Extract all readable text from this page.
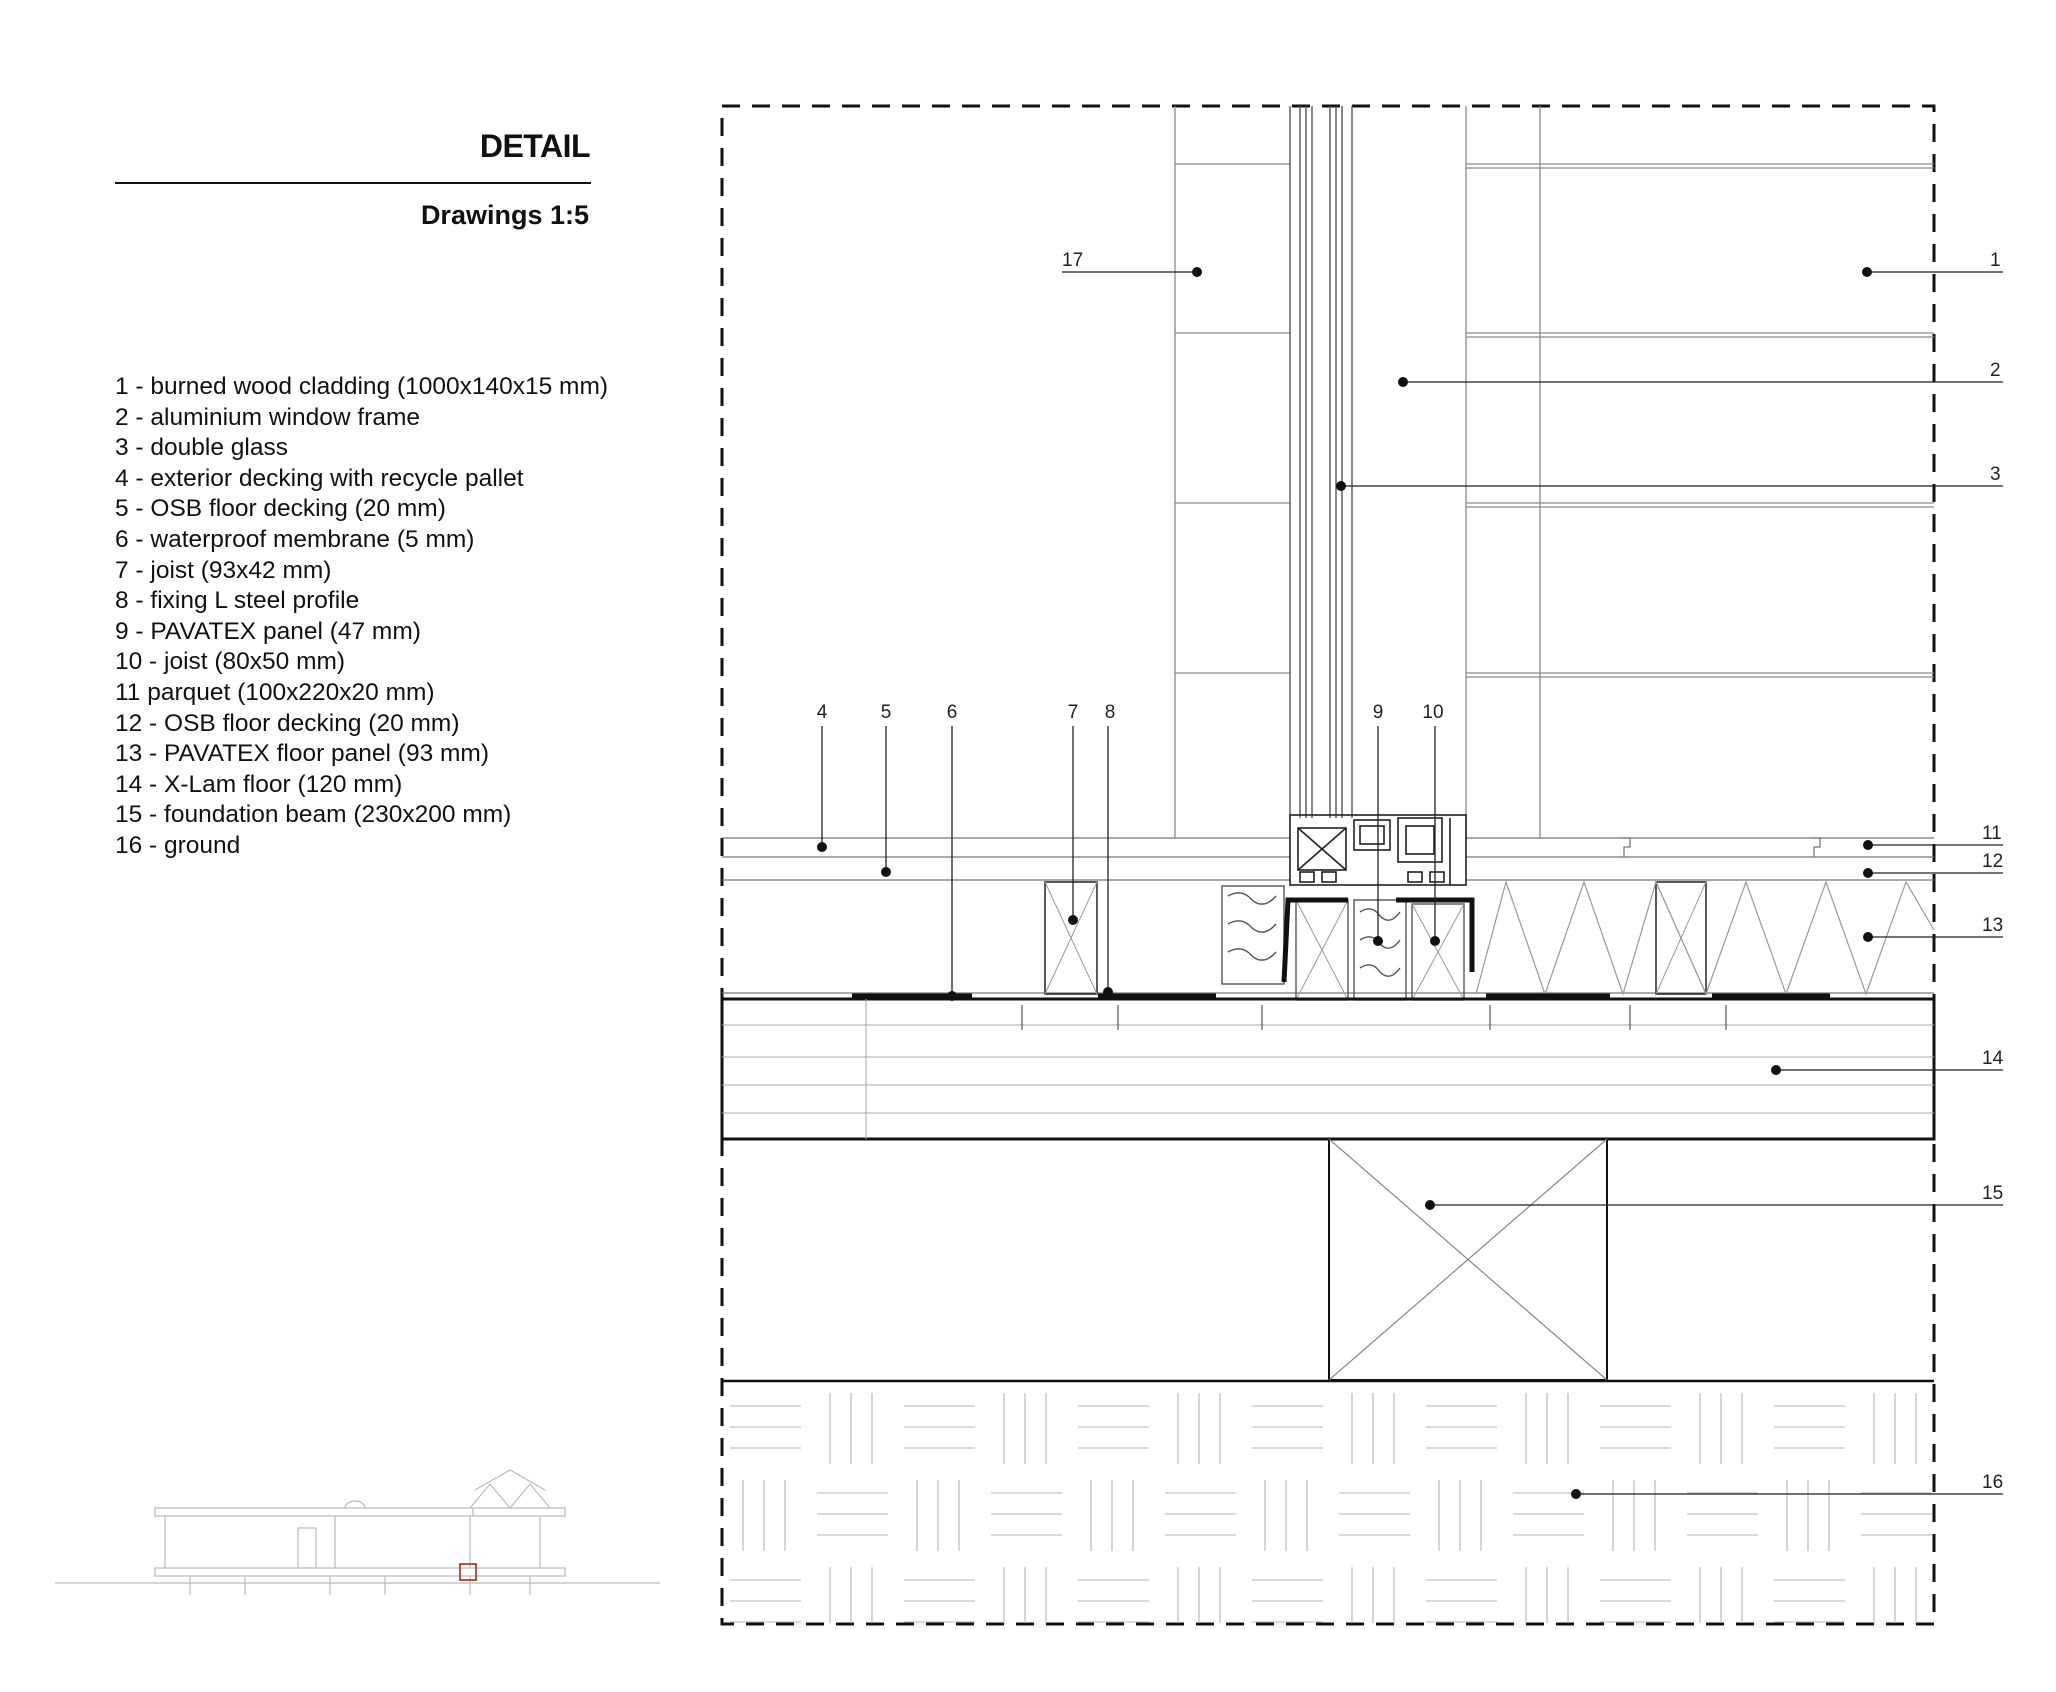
DETAIL
Drawings 1:5
1 - burned wood cladding (1000x140x15 mm)
2 - aluminium window frame
3 - double glass
4 - exterior decking with recycle pallet
5 - OSB floor decking (20 mm)
6 - waterproof membrane (5 mm)
7 - joist (93x42 mm)
8 - fixing L steel profile
9 - PAVATEX panel (47 mm)
10 - joist (80x50 mm)
11 parquet (100x220x20 mm)
12 - OSB floor decking (20 mm)
13 - PAVATEX floor panel (93 mm)
14 - X-Lam floor (120 mm)
15 - foundation beam (230x200 mm)
16 - ground
1
2
3
11
12
13
14
15
16
17
4	5	6	7 8	9 10
